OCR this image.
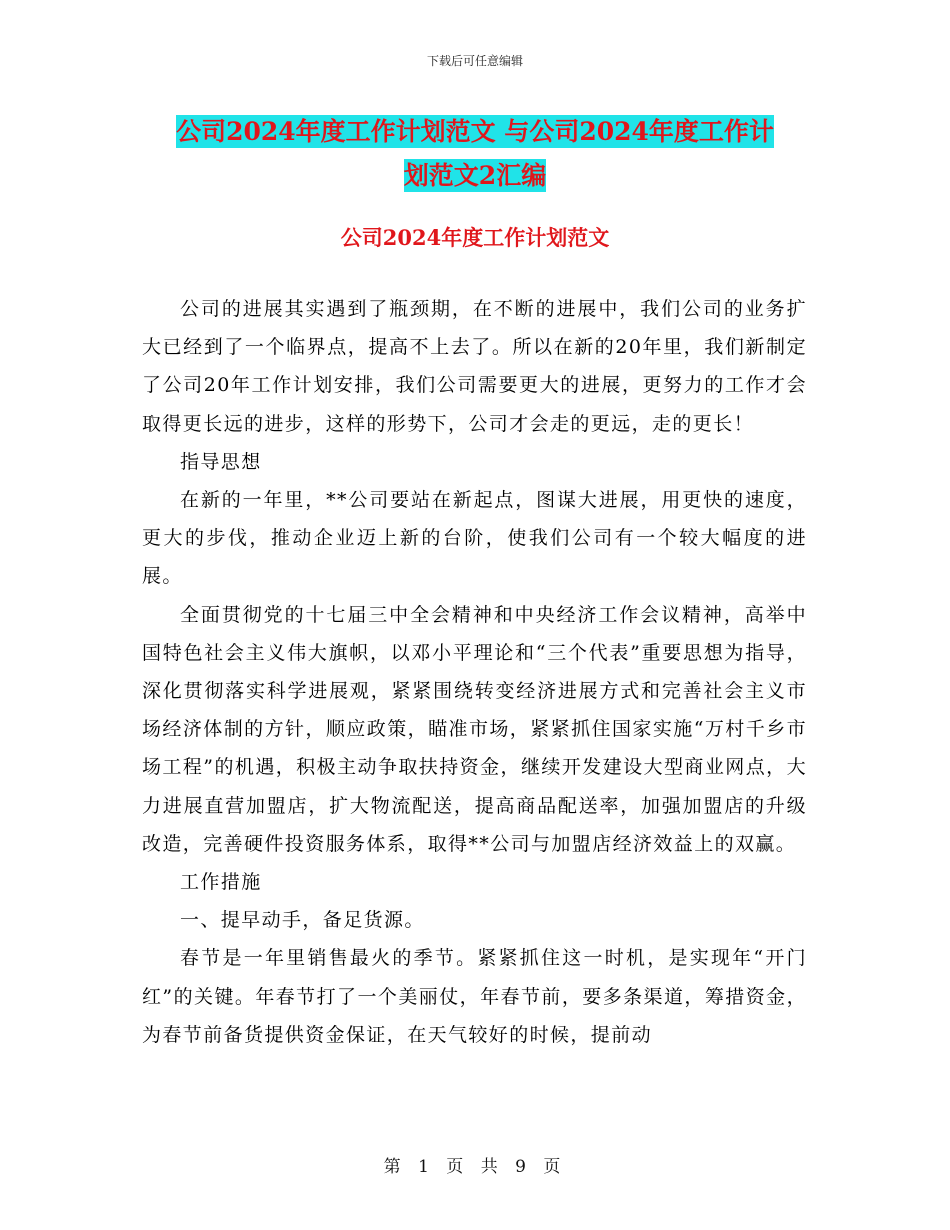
下载后可任意编辑
公司2024年度工作计划范文 与公司2024年度工作计
划范文2汇编
公司2024年度工作计划范文

公司的进展其实遇到了瓶颈期，在不断的进展中，我们公司的业务扩大已经到了一个临界点，提高不上去了。所以在新的20年里，我们新制定了公司20年工作计划安排，我们公司需要更大的进展，更努力的工作才会取得更长远的进步，这样的形势下，公司才会走的更远，走的更长！

指导思想

在新的一年里，**公司要站在新起点，图谋大进展，用更快的速度，更大的步伐，推动企业迈上新的台阶，使我们公司有一个较大幅度的进展。

全面贯彻党的十七届三中全会精神和中央经济工作会议精神，高举中国特色社会主义伟大旗帜，以邓小平理论和“三个代表”重要思想为指导，深化贯彻落实科学进展观，紧紧围绕转变经济进展方式和完善社会主义市场经济体制的方针，顺应政策，瞄准市场，紧紧抓住国家实施“万村千乡市场工程”的机遇，积极主动争取扶持资金，继续开发建设大型商业网点，大力进展直营加盟店，扩大物流配送，提高商品配送率，加强加盟店的升级改造，完善硬件投资服务体系，取得**公司与加盟店经济效益上的双赢。

工作措施

一、提早动手，备足货源。

春节是一年里销售最火的季节。紧紧抓住这一时机，是实现年“开门红”的关键。年春节打了一个美丽仗，年春节前，要多条渠道，筹措资金，为春节前备货提供资金保证，在天气较好的时候，提前动

第 1 页 共 9 页
